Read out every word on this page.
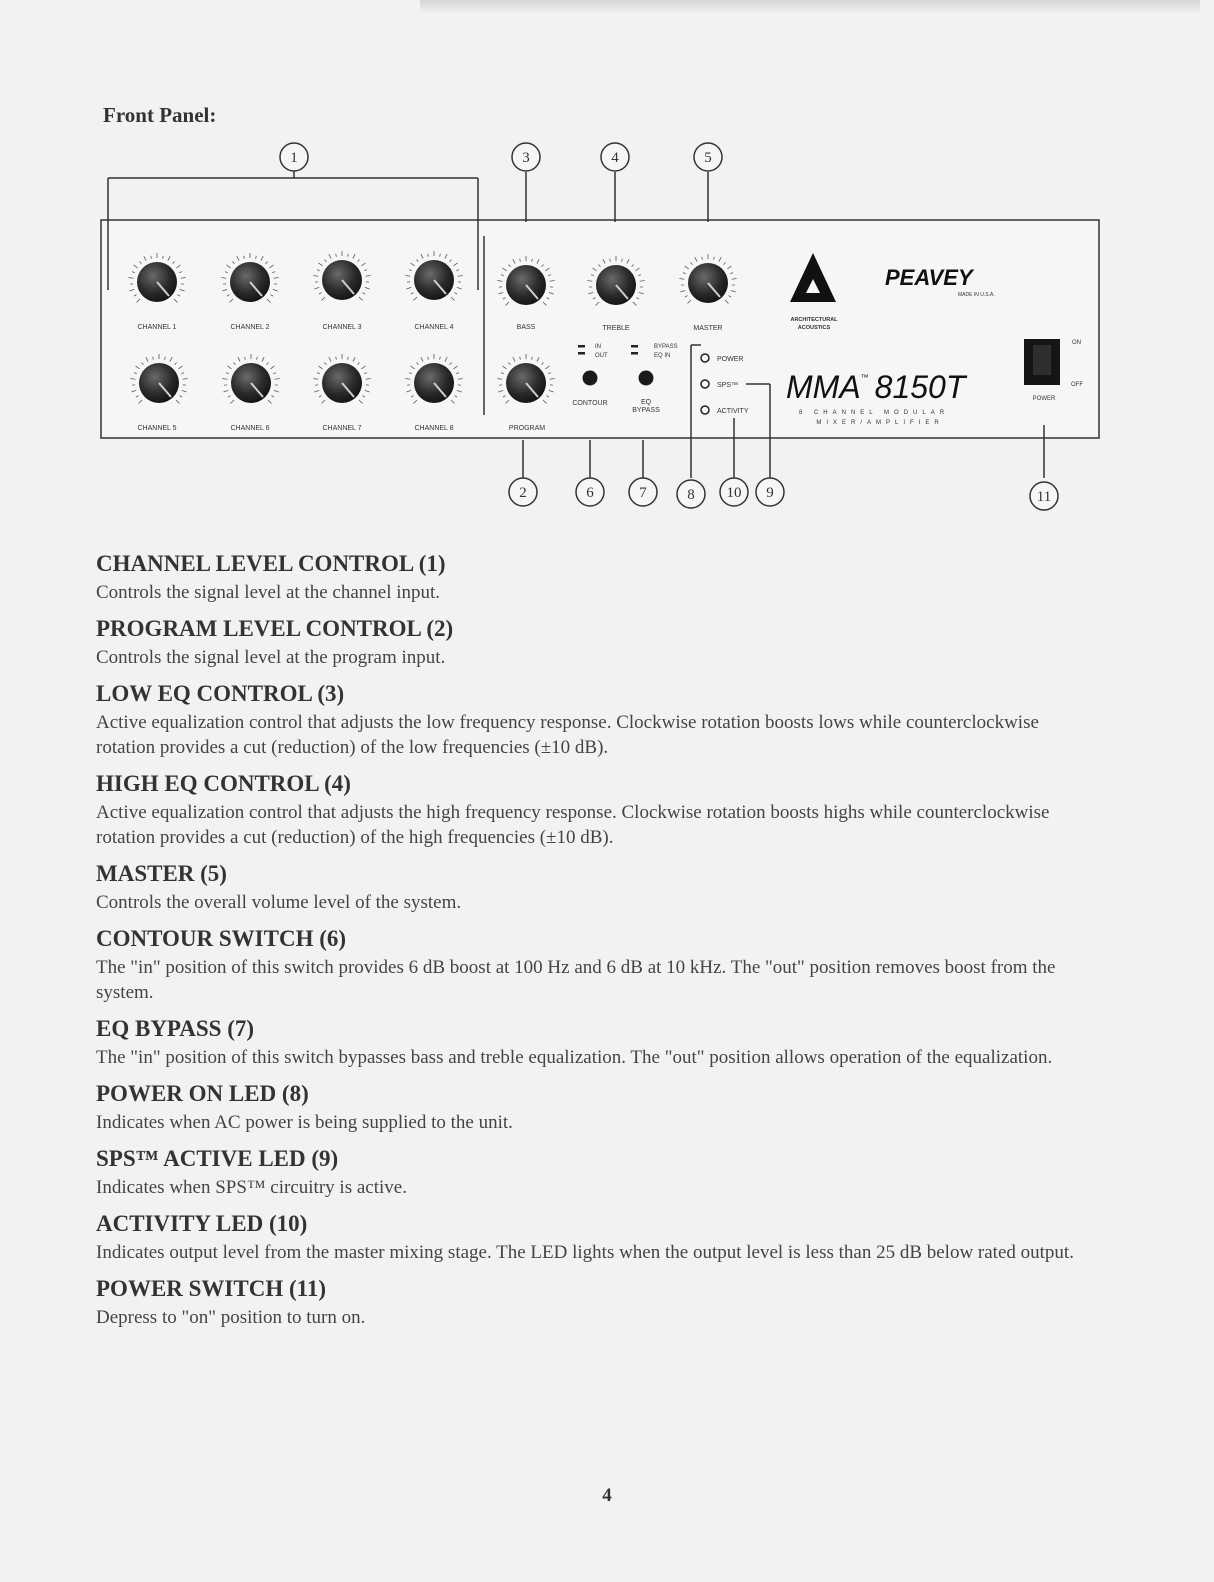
Front Panel:
CHANNEL 1	CHANNEL 2	CHANNEL 3	CHANNEL 4
CHANNEL 5	CHANNEL 6	CHANNEL 7	CHANNEL 8
BASS	TREBLE	MASTER
PROGRAM
IN
OUT
CONTOUR
BYPASS
EQ IN
EQ
BYPASS
POWER
SPS™
ACTIVITY
ARCHITECTURAL
ACOUSTICS
PEAVEY
MADE IN U.S.A.
MMA™ 8150T
8 CHANNEL MODULAR
MIXER/AMPLIFIER
ON
OFF
POWER
1
2
3	4	5
6	7	8 10 9	11
CHANNEL LEVEL CONTROL (1)
Controls the signal level at the channel input.
PROGRAM LEVEL CONTROL (2)
Controls the signal level at the program input.
LOW EQ CONTROL (3)
Active equalization control that adjusts the low frequency response. Clockwise rotation boosts lows while counterclockwise rotation provides a cut (reduction) of the low frequencies (±10 dB).
HIGH EQ CONTROL (4)
Active equalization control that adjusts the high frequency response. Clockwise rotation boosts highs while counterclockwise rotation provides a cut (reduction) of the high frequencies (±10 dB).
MASTER (5)
Controls the overall volume level of the system.
CONTOUR SWITCH (6)
The "in" position of this switch provides 6 dB boost at 100 Hz and 6 dB at 10 kHz. The "out" position removes boost from the system.
EQ BYPASS (7)
The "in" position of this switch bypasses bass and treble equalization. The "out" position allows operation of the equalization.
POWER ON LED (8)
Indicates when AC power is being supplied to the unit.
SPS™ ACTIVE LED (9)
Indicates when SPS™ circuitry is active.
ACTIVITY LED (10)
Indicates output level from the master mixing stage. The LED lights when the output level is less than 25 dB below rated output.
POWER SWITCH (11)
Depress to "on" position to turn on.
4
